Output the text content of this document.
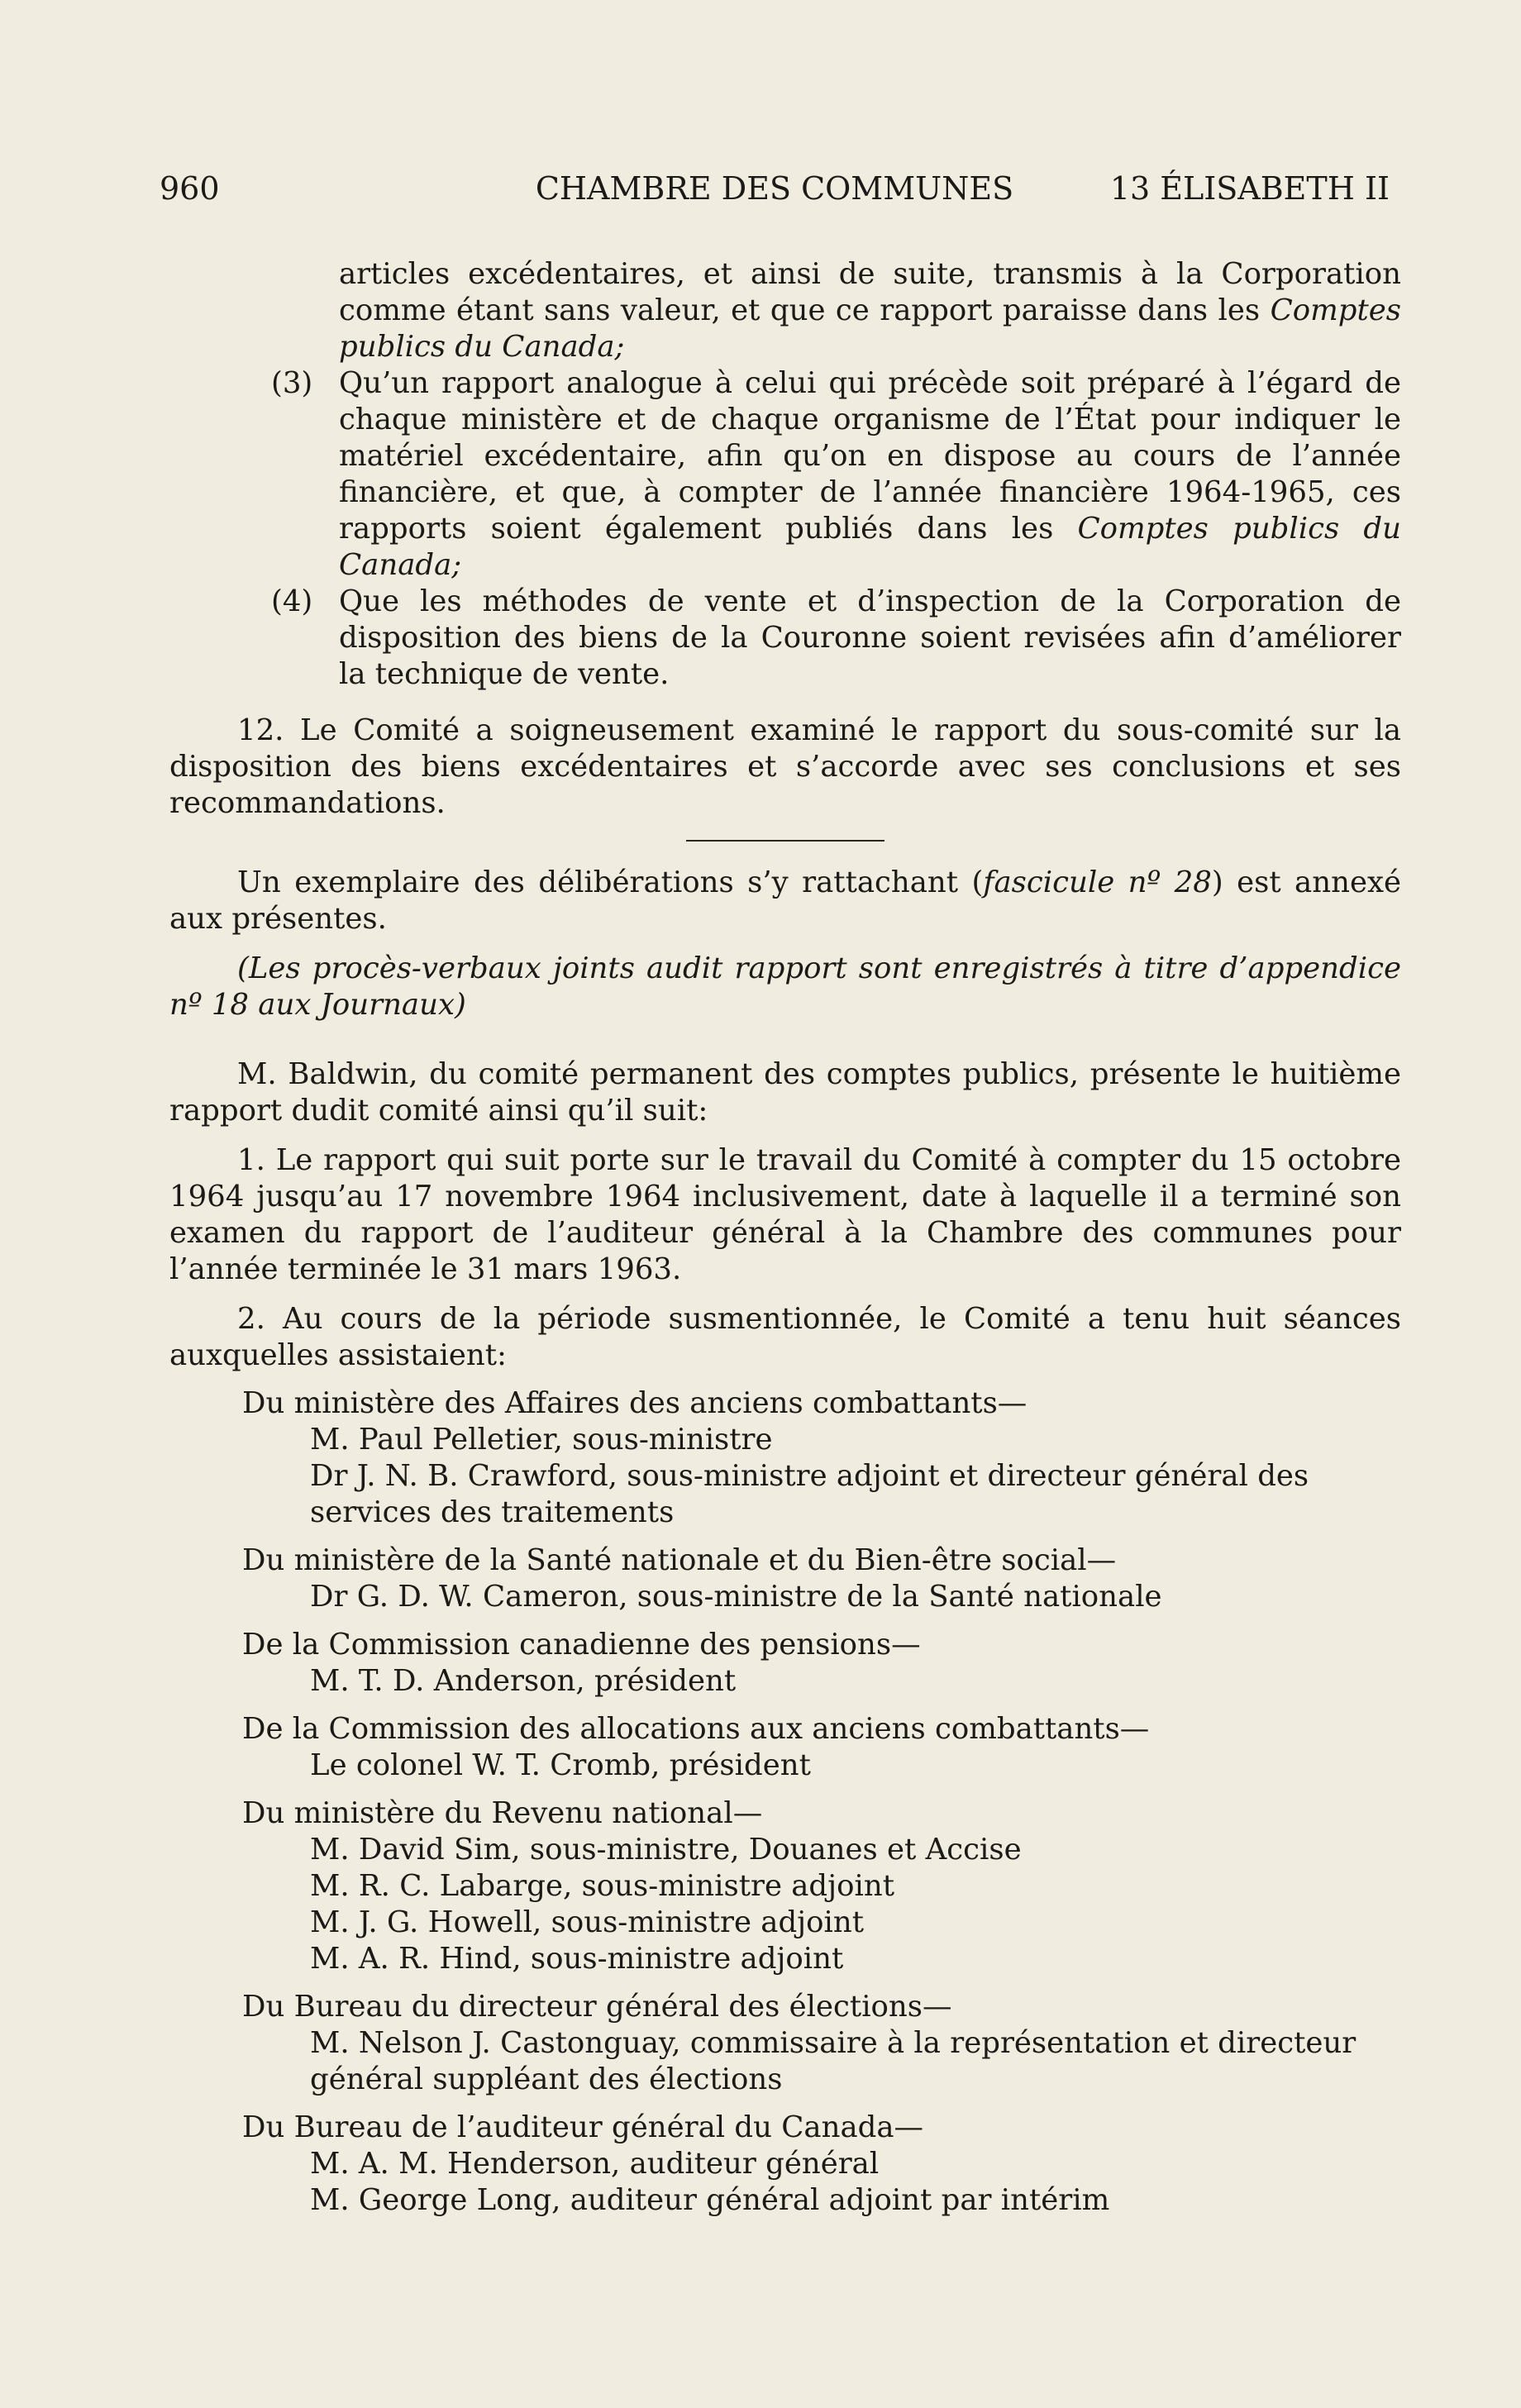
960	CHAMBRE DES COMMUNES	13 ÉLISABETH II

articles excédentaires, et ainsi de suite, transmis à la Corporation comme étant sans valeur, et que ce rapport paraisse dans les Comptes publics du Canada;

(3) Qu’un rapport analogue à celui qui précède soit préparé à l’égard de chaque ministère et de chaque organisme de l’État pour indiquer le matériel excédentaire, afin qu’on en dispose au cours de l’année financière, et que, à compter de l’année financière 1964-1965, ces rapports soient également publiés dans les Comptes publics du Canada;

(4) Que les méthodes de vente et d’inspection de la Corporation de disposition des biens de la Couronne soient revisées afin d’améliorer la technique de vente.

12. Le Comité a soigneusement examiné le rapport du sous-comité sur la disposition des biens excédentaires et s’accorde avec ses conclusions et ses recommandations.

Un exemplaire des délibérations s’y rattachant (fascicule nº 28) est annexé aux présentes.

(Les procès-verbaux joints audit rapport sont enregistrés à titre d’appendice nº 18 aux Journaux)

M. Baldwin, du comité permanent des comptes publics, présente le huitième rapport dudit comité ainsi qu’il suit:

1. Le rapport qui suit porte sur le travail du Comité à compter du 15 octobre 1964 jusqu’au 17 novembre 1964 inclusivement, date à laquelle il a terminé son examen du rapport de l’auditeur général à la Chambre des communes pour l’année terminée le 31 mars 1963.

2. Au cours de la période susmentionnée, le Comité a tenu huit séances auxquelles assistaient:

Du ministère des Affaires des anciens combattants—

M. Paul Pelletier, sous-ministre

Dr J. N. B. Crawford, sous-ministre adjoint et directeur général des services des traitements

Du ministère de la Santé nationale et du Bien-être social—

Dr G. D. W. Cameron, sous-ministre de la Santé nationale

De la Commission canadienne des pensions—

M. T. D. Anderson, président

De la Commission des allocations aux anciens combattants—

Le colonel W. T. Cromb, président

Du ministère du Revenu national—

M. David Sim, sous-ministre, Douanes et Accise

M. R. C. Labarge, sous-ministre adjoint

M. J. G. Howell, sous-ministre adjoint

M. A. R. Hind, sous-ministre adjoint

Du Bureau du directeur général des élections—

M. Nelson J. Castonguay, commissaire à la représentation et directeur général suppléant des élections

Du Bureau de l’auditeur général du Canada—

M. A. M. Henderson, auditeur général

M. George Long, auditeur général adjoint par intérim
